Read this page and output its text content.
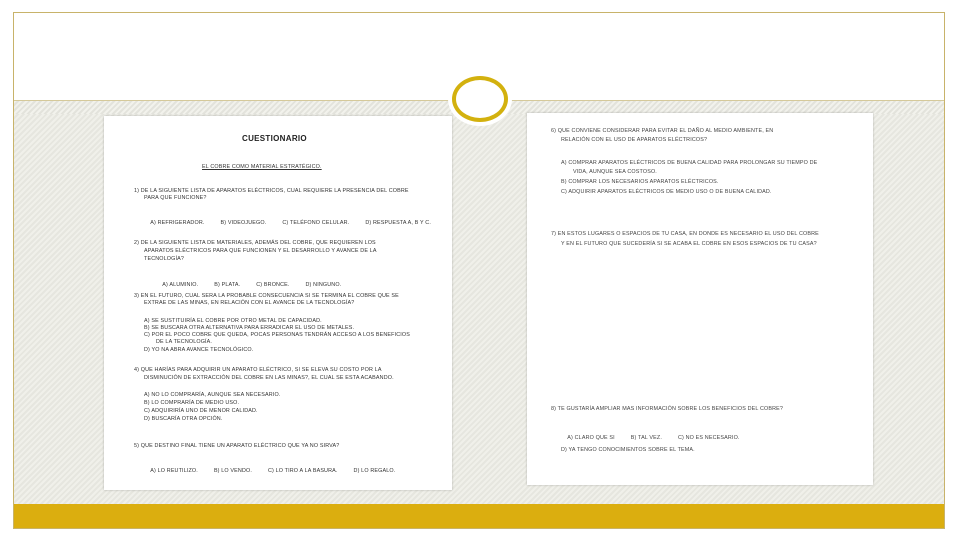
CUESTIONARIO
EL COBRE COMO MATERIAL ESTRATÉGICO.
1) DE LA SIGUIENTE LISTA DE APARATOS ELÉCTRICOS, CUAL REQUIERE LA PRESENCIA DEL COBRE
PARA QUE FUNCIONE?

A) REFRIGERADOR.	B) VIDEOJUEGO.	C) TELÉFONO CELULAR.	D) RESPUESTA A, B Y C.

2) DE LA SIGUIENTE LISTA DE MATERIALES, ADEMÁS DEL COBRE, QUE REQUIEREN LOS
APARATOS ELÉCTRICOS PARA QUE FUNCIONEN Y EL DESARROLLO Y AVANCE DE LA
TECNOLOGÍA?

A) ALUMINIO.	B) PLATA.	C) BRONCE.	D) NINGUNO.

3) EN EL FUTURO, CUAL SERA LA PROBABLE CONSECUENCIA SI SE TERMINA EL COBRE QUE SE
EXTRAE DE LAS MINAS, EN RELACIÓN CON EL AVANCE DE LA TECNOLOGÍA?
A) SE SUSTITUIRÍA EL COBRE POR OTRO METAL DE CAPACIDAD.
B) SE BUSCARA OTRA ALTERNATIVA PARA ERRADICAR EL USO DE METALES.
C) POR EL POCO COBRE QUE QUEDA, POCAS PERSONAS TENDRÁN ACCESO A LOS BENEFICIOS
DE LA TECNOLOGÍA.
D) YO NA ABRA AVANCE TECNOLÓGICO.
4) QUE HARÍAS PARA ADQUIRIR UN APARATO ELÉCTRICO, SI SE ELEVA SU COSTO POR LA
DISMINUCIÓN DE EXTRACCIÓN DEL COBRE EN LAS MINAS?, EL CUAL SE ESTA ACABANDO.
A) NO LO COMPRARÍA, AUNQUE SEA NECESARIO.
B) LO COMPRARÍA DE MEDIO USO.
C) ADQUIRIRÍA UNO DE MENOR CALIDAD.
D) BUSCARÍA OTRA OPCIÓN.
5) QUE DESTINO FINAL TIENE UN APARATO ELÉCTRICO QUE YA NO SIRVA?

A) LO REUTILIZO.	B) LO VENDO.	C) LO TIRO A LA BASURA.	D) LO REGALO.

6) QUE CONVIENE CONSIDERAR PARA EVITAR EL DAÑO AL MEDIO AMBIENTE, EN
RELACIÓN CON EL USO DE APARATOS ELÉCTRICOS?
A) COMPRAR APARATOS ELÉCTRICOS DE BUENA CALIDAD PARA PROLONGAR SU TIEMPO DE
VIDA, AUNQUE SEA COSTOSO.
B) COMPRAR LOS NECESARIOS APARATOS ELÉCTRICOS.
C) ADQUIRIR APARATOS ELÉCTRICOS DE MEDIO USO O DE BUENA CALIDAD.
7) EN ESTOS LUGARES O ESPACIOS DE TU CASA, EN DONDE ES NECESARIO EL USO DEL COBRE
Y EN EL FUTURO QUE SUCEDERÍA SI SE ACABA EL COBRE EN ESOS ESPACIOS DE TU CASA?
8) TE GUSTARÍA AMPLIAR MAS INFORMACIÓN SOBRE LOS BENEFICIOS DEL COBRE?

A) CLARO QUE SI	B) TAL VEZ.	C) NO ES NECESARIO.

D) YA TENGO CONOCIMIENTOS SOBRE EL TEMA.
